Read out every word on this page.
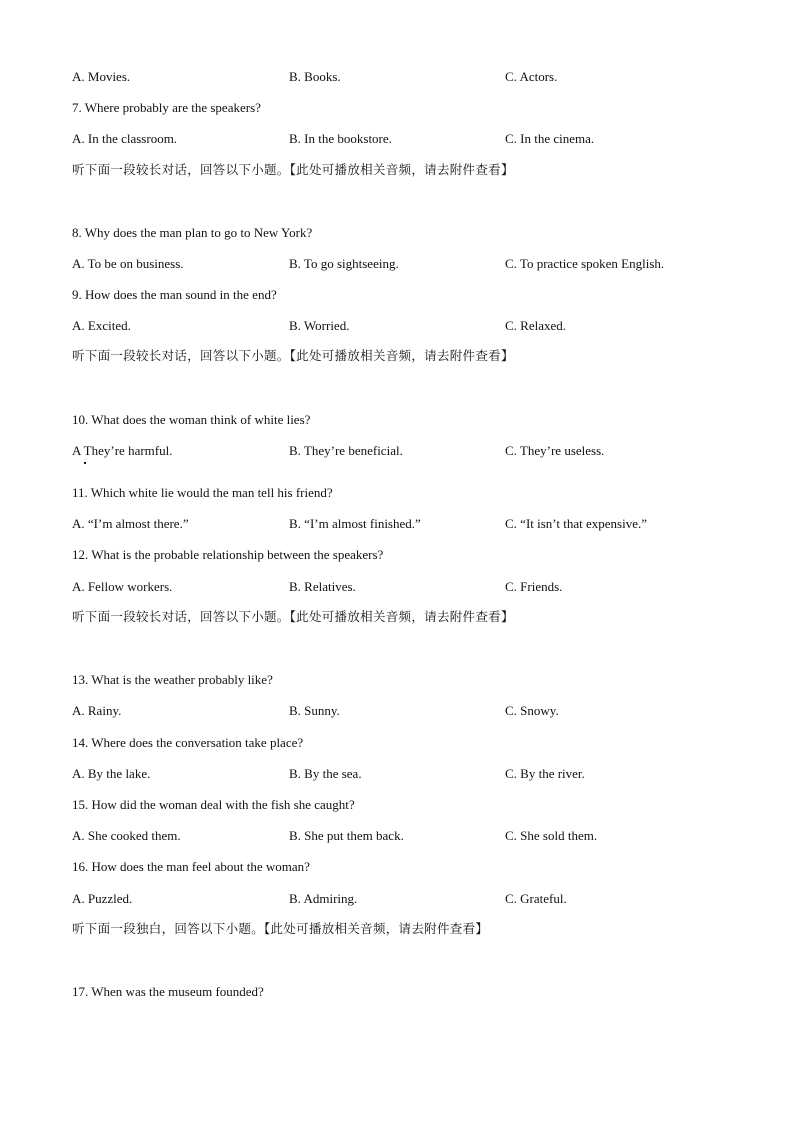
A. Movies.	B. Books.	C. Actors.
7. Where probably are the speakers?
A. In the classroom.	B. In the bookstore.	C. In the cinema.
听下面一段较长对话，回答以下小题。【此处可播放相关音频，请去附件查看】
8. Why does the man plan to go to New York?
A. To be on business.	B. To go sightseeing.	C. To practice spoken English.
9. How does the man sound in the end?
A. Excited.	B. Worried.	C. Relaxed.
听下面一段较长对话，回答以下小题。【此处可播放相关音频，请去附件查看】
10. What does the woman think of white lies?
A They’re harmful.	B. They’re beneficial.	C. They’re useless.
11. Which white lie would the man tell his friend?
A. “I’m almost there.”	B. “I’m almost finished.”	C. “It isn’t that expensive.”
12. What is the probable relationship between the speakers?
A. Fellow workers.	B. Relatives.	C. Friends.
听下面一段较长对话，回答以下小题。【此处可播放相关音频，请去附件查看】
13. What is the weather probably like?
A. Rainy.	B. Sunny.	C. Snowy.
14. Where does the conversation take place?
A. By the lake.	B. By the sea.	C. By the river.
15. How did the woman deal with the fish she caught?
A. She cooked them.	B. She put them back.	C. She sold them.
16. How does the man feel about the woman?
A. Puzzled.	B. Admiring.	C. Grateful.
听下面一段独白，回答以下小题。【此处可播放相关音频，请去附件查看】
17. When was the museum founded?
